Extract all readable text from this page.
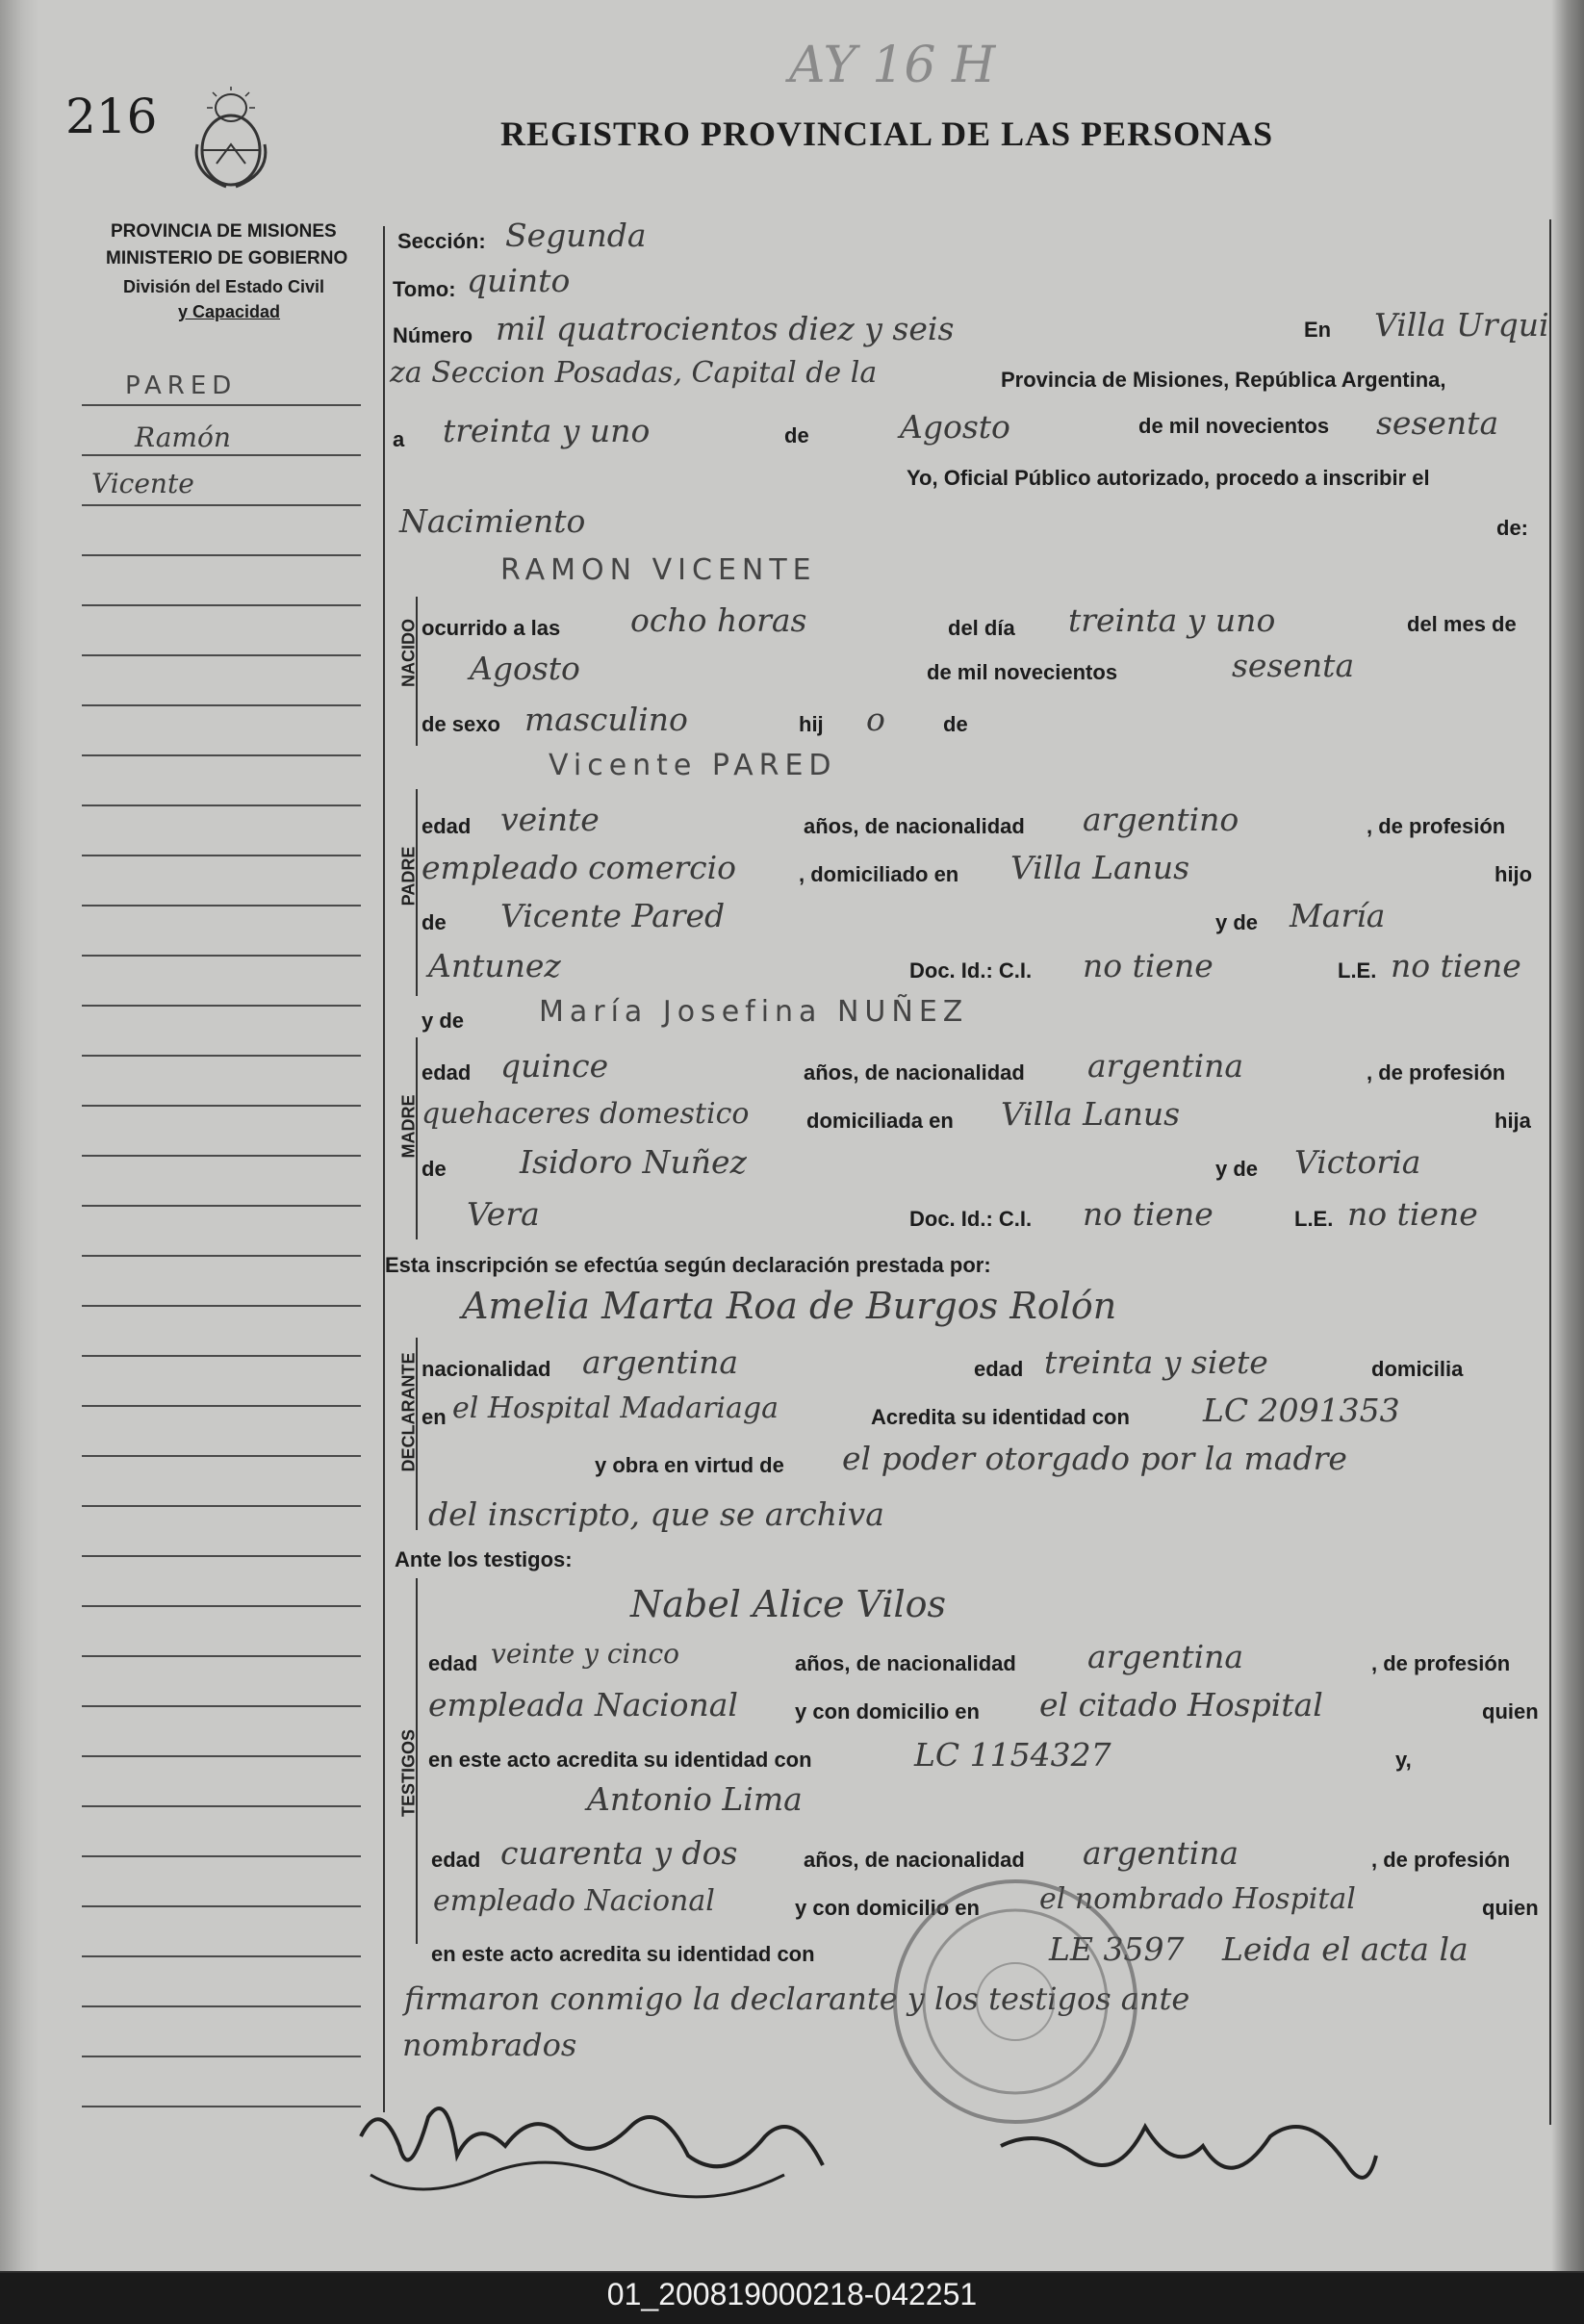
216
AY 16 H
REGISTRO PROVINCIAL DE LAS PERSONAS
PROVINCIA DE MISIONES
MINISTERIO DE GOBIERNO
División del Estado Civil
y Capacidad
PARED
Ramón
Vicente
Sección: Segunda
Tomo: quinto
Número mil quatrocientos diez y seis	En Villa Urqui
za Seccion Posadas, Capital de la	Provincia de Misiones, República Argentina,
a treinta y uno	de	Agosto	de mil novecientos sesenta
Yo, Oficial Público autorizado, procedo a inscribir el
Nacimiento	de:
NACIDO
RAMON VICENTE
ocurrido a las ocho horas	del día treinta y uno	del mes de
Agosto	de mil novecientos	sesenta
de sexo masculino	hij o	de
PADRE
Vicente PARED
edad veinte	años, de nacionalidad argentino	, de profesión
empleado comercio	, domiciliado en Villa Lanus	hijo
de Vicente Pared	y de María
Antunez	Doc. Id.: C.I. no tiene	L.E. no tiene
MADRE
y de	María Josefina NUÑEZ
edad quince	años, de nacionalidad argentina	, de profesión
quehaceres domestico	domiciliada en Villa Lanus	hija
de Isidoro Nuñez	y de Victoria
Vera	Doc. Id.: C.I. no tiene	L.E. no tiene
Esta inscripción se efectúa según declaración prestada por:
DECLARANTE
Amelia Marta Roa de Burgos Rolón
nacionalidad argentina	edad treinta y siete	domicilia
en el Hospital Madariaga	Acredita su identidad con LC 2091353
y obra en virtud de el poder otorgado por la madre
del inscripto, que se archiva
Ante los testigos:
TESTIGOS
Nabel Alice Vilos
edad veinte y cinco	años, de nacionalidad argentina	, de profesión
empleada Nacional	y con domicilio en el citado Hospital	quien
en este acto acredita su identidad con	LC 1154327	y,
Antonio Lima
edad cuarenta y dos	años, de nacionalidad argentina	, de profesión
empleado Nacional	y con domicilio en el nombrado Hospital	quien
en este acto acredita su identidad con	LE 3597 Leida el acta la
firmaron conmigo la declarante y los testigos ante
nombrados
01_200819000218-042251
